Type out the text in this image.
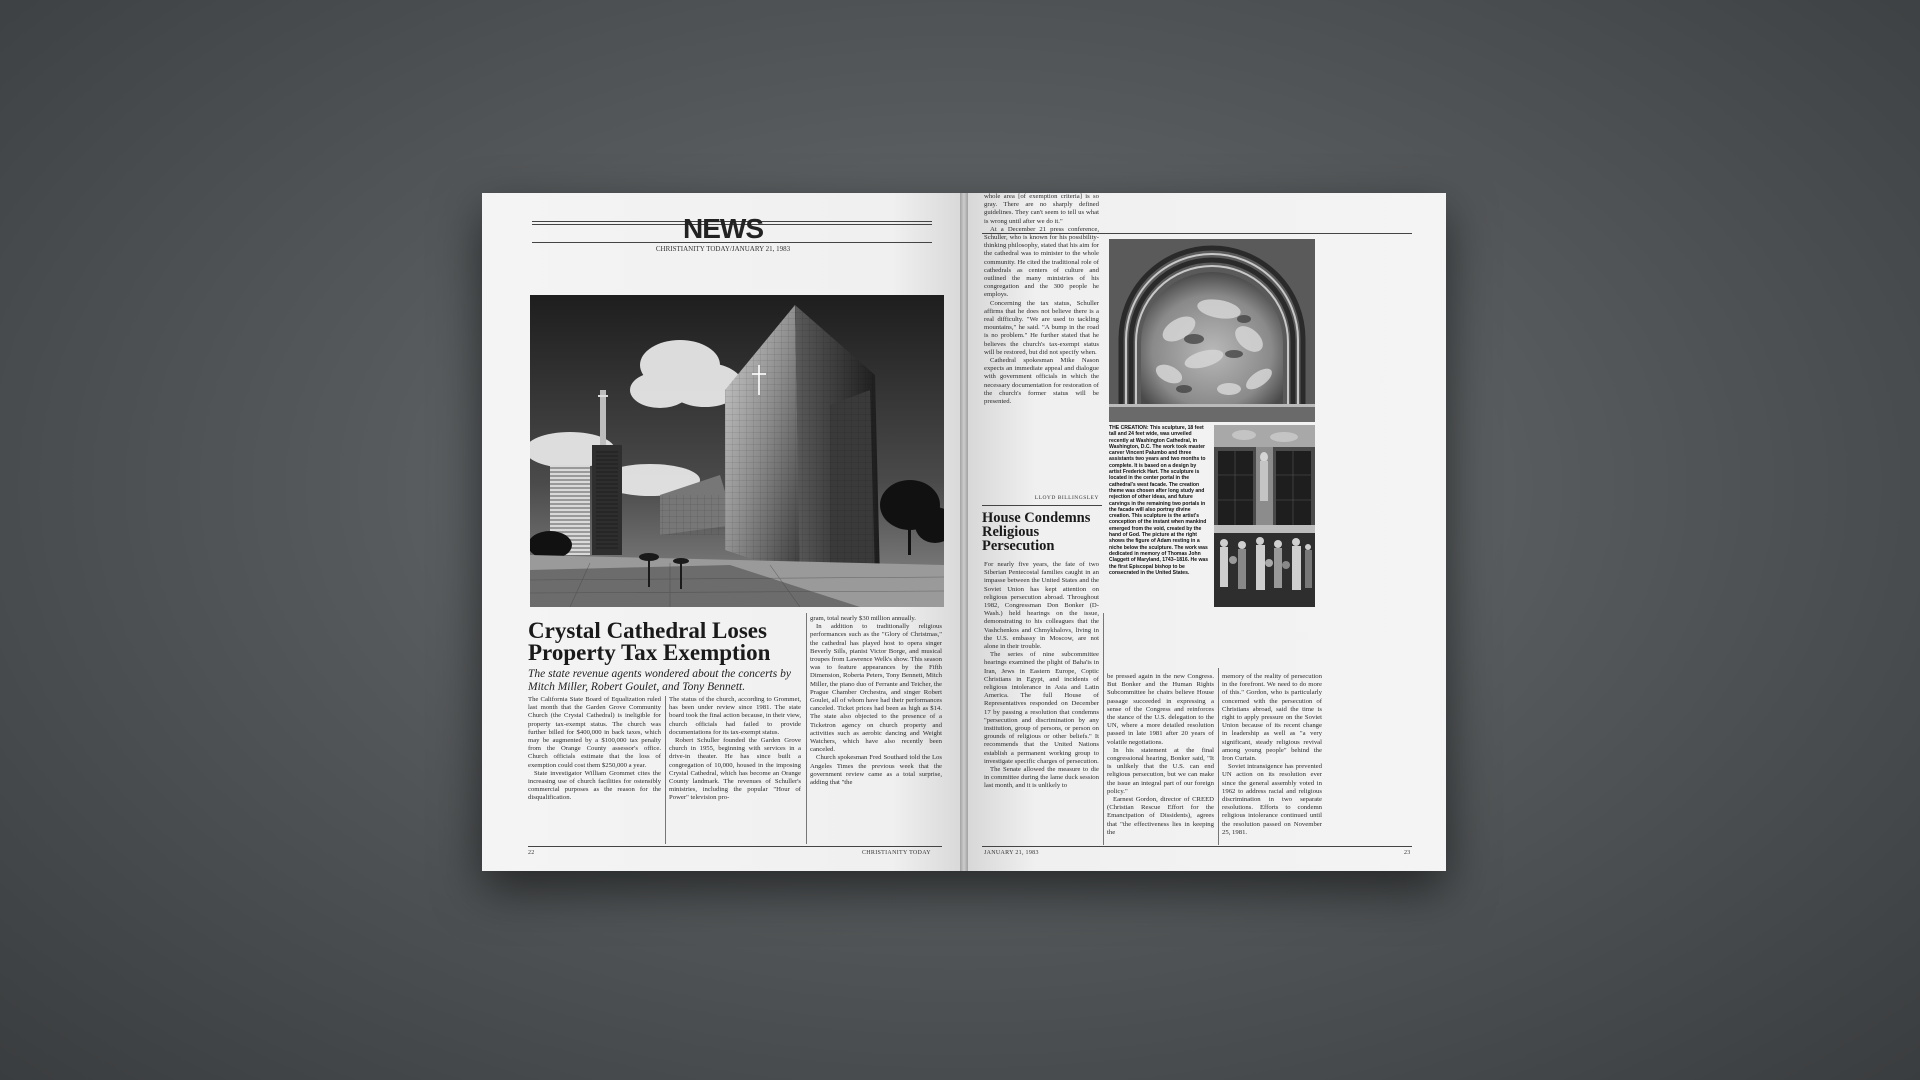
NEWS
CHRISTIANITY TODAY/JANUARY 21, 1983
Crystal Cathedral Loses Property Tax Exemption
The state revenue agents wondered about the concerts by Mitch Miller, Robert Goulet, and Tony Bennett.

The California State Board of Equalization ruled last month that the Garden Grove Community Church (the Crystal Cathedral) is ineligible for property tax-exempt status. The church was further billed for $400,000 in back taxes, which may be augmented by a $100,000 tax penalty from the Orange County assessor's office. Church officials estimate that the loss of exemption could cost them $250,000 a year.

State investigator William Grommet cites the increasing use of church facilities for ostensibly commercial purposes as the reason for the disqualification.

The status of the church, according to Grommet, has been under review since 1981. The state board took the final action because, in their view, church officials had failed to provide documentations for its tax-exempt status.

Robert Schuller founded the Garden Grove church in 1955, beginning with services in a drive-in theater. He has since built a congregation of 10,000, housed in the imposing Crystal Cathedral, which has become an Orange County landmark. The revenues of Schuller's ministries, including the popular "Hour of Power" television pro-

gram, total nearly $30 million annually.

In addition to traditionally religious performances such as the "Glory of Christmas," the cathedral has played host to opera singer Beverly Sills, pianist Victor Borge, and musical troupes from Lawrence Welk's show. This season was to feature appearances by the Fifth Dimension, Roberta Peters, Tony Bennett, Mitch Miller, the piano duo of Ferrante and Teicher, the Prague Chamber Orchestra, and singer Robert Goulet, all of whom have had their performances canceled. Ticket prices had been as high as $14. The state also objected to the presence of a Ticketron agency on church property and activities such as aerobic dancing and Weight Watchers, which have also recently been canceled.

Church spokesman Fred Southard told the Los Angeles Times the previous week that the government review came as a total surprise, adding that "the

22	CHRISTIANITY TODAY

whole area [of exemption criteria] is so gray. There are no sharply defined guidelines. They can't seem to tell us what is wrong until after we do it."

At a December 21 press conference, Schuller, who is known for his possibility-thinking philosophy, stated that his aim for the cathedral was to minister to the whole community. He cited the traditional role of cathedrals as centers of culture and outlined the many ministries of his congregation and the 300 people he employs.

Concerning the tax status, Schuller affirms that he does not believe there is a real difficulty. "We are used to tackling mountains," he said. "A bump in the road is no problem." He further stated that he believes the church's tax-exempt status will be restored, but did not specify when.

Cathedral spokesman Mike Nason expects an immediate appeal and dialogue with government officials in which the necessary documentation for restoration of the church's former status will be presented.

LLOYD BILLINGSLEY
House Condemns Religious Persecution

For nearly five years, the fate of two Siberian Pentecostal families caught in an impasse between the United States and the Soviet Union has kept attention on religious persecution abroad. Throughout 1982, Congressman Don Bonker (D-Wash.) held hearings on the issue, demonstrating to his colleagues that the Vashchenkos and Chmykhalovs, living in the U.S. embassy in Moscow, are not alone in their trouble.

The series of nine subcommittee hearings examined the plight of Baha'is in Iran, Jews in Eastern Europe, Coptic Christians in Egypt, and incidents of religious intolerance in Asia and Latin America. The full House of Representatives responded on December 17 by passing a resolution that condemns "persecution and discrimination by any institution, group of persons, or person on grounds of religious or other beliefs." It recommends that the United Nations establish a permanent working group to investigate specific charges of persecution.

The Senate allowed the measure to die in committee during the lame duck session last month, and it is unlikely to

be pressed again in the new Congress. But Bonker and the Human Rights Subcommittee he chairs believe House passage succeeded in expressing a sense of the Congress and reinforces the stance of the U.S. delegation to the UN, where a more detailed resolution passed in late 1981 after 20 years of volatile negotiations.

In his statement at the final congressional hearing, Bonker said, "It is unlikely that the U.S. can end religious persecution, but we can make the issue an integral part of our foreign policy."

Earnest Gordon, director of CREED (Christian Rescue Effort for the Emancipation of Dissidents), agrees that "the effectiveness lies in keeping the

memory of the reality of persecution in the forefront. We need to do more of this." Gordon, who is particularly concerned with the persecution of Christians abroad, said the time is right to apply pressure on the Soviet Union because of its recent change in leadership as well as "a very significant, steady religious revival among young people" behind the Iron Curtain.

Soviet intransigence has prevented UN action on its resolution ever since the general assembly voted in 1962 to address racial and religious discrimination in two separate resolutions. Efforts to condemn religious intolerance continued until the resolution passed on November 25, 1981.

THE CREATION: This sculpture, 18 feet tall and 24 feet wide, was unveiled recently at Washington Cathedral, in Washington, D.C. The work took master carver Vincent Palumbo and three assistants two years and two months to complete. It is based on a design by artist Frederick Hart. The sculpture is located in the center portal in the cathedral's west facade. The creation theme was chosen after long study and rejection of other ideas, and future carvings in the remaining two portals in the facade will also portray divine creation. This sculpture is the artist's conception of the instant when mankind emerged from the void, created by the hand of God. The picture at the right shows the figure of Adam resting in a niche below the sculpture. The work was dedicated in memory of Thomas John Claggett of Maryland, 1743–1816. He was the first Episcopal bishop to be consecrated in the United States.
JANUARY 21, 1983	23
